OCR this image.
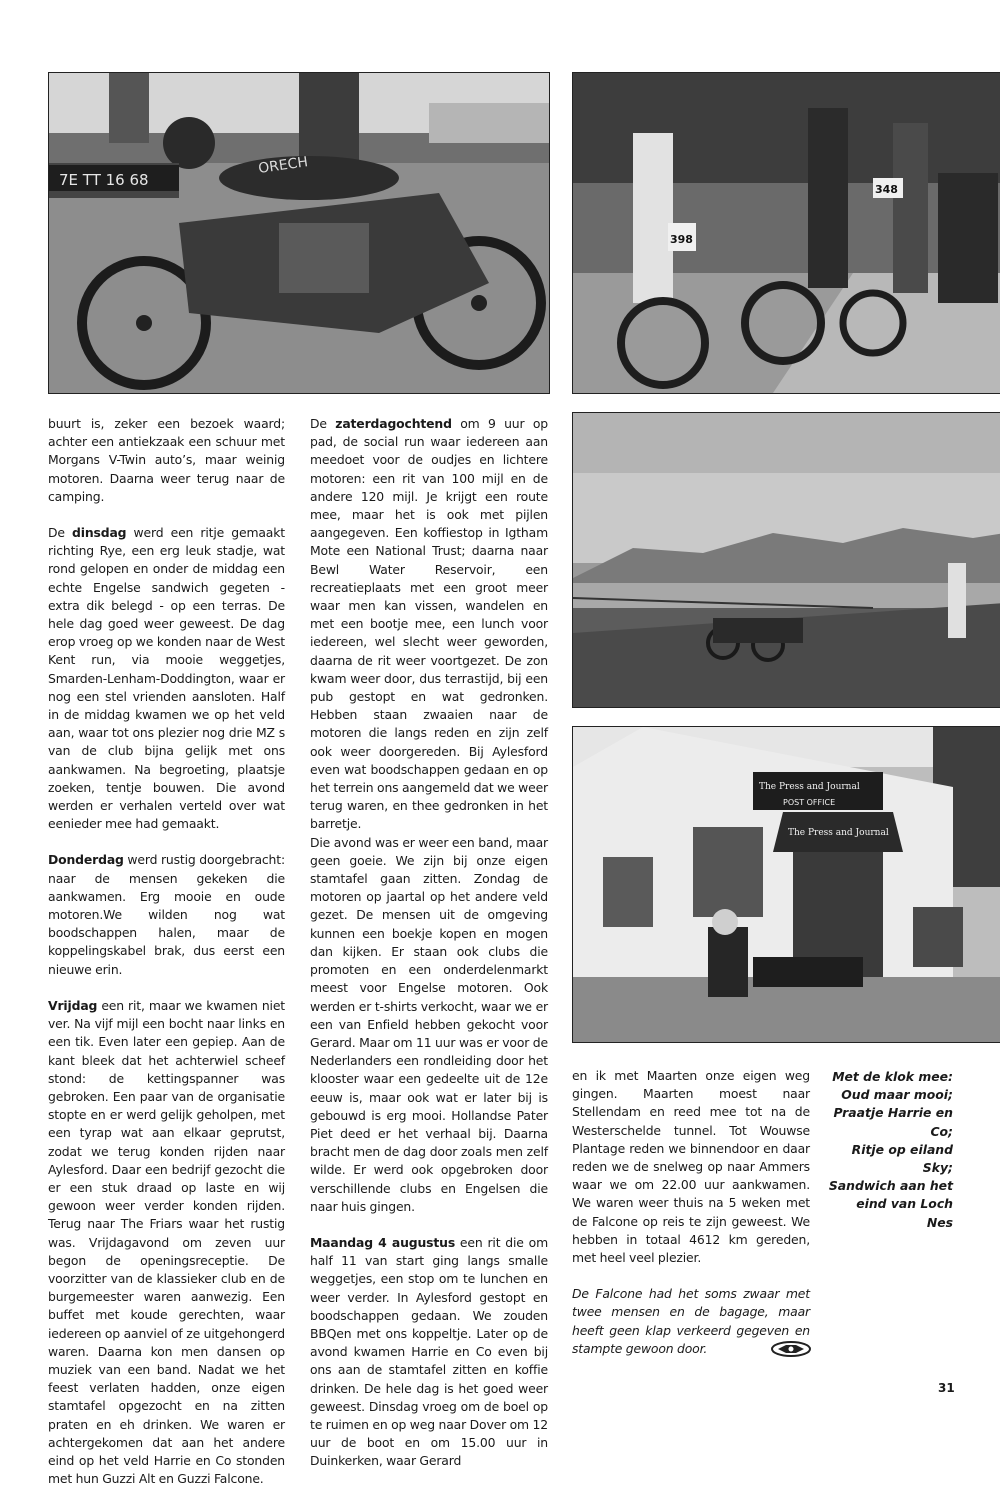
ORECH
7E TT 16 68
398
348
The Press and Journal
POST OFFICE
The Press and Journal

buurt is, zeker een bezoek waard; achter een antiekzaak een schuur met Morgans V-Twin auto’s, maar weinig motoren. Daarna weer terug naar de camping.

De dinsdag werd een ritje gemaakt richting Rye, een erg leuk stadje, wat rond gelopen en onder de middag een echte Engelse sandwich gegeten - extra dik belegd - op een terras. De hele dag goed weer geweest. De dag erop vroeg op we konden naar de West Kent run, via mooie weggetjes, Smarden-Lenham-Doddington, waar er nog een stel vrienden aansloten. Half in de middag kwamen we op het veld aan, waar tot ons plezier nog drie MZ s van de club bijna gelijk met ons aankwamen. Na begroeting, plaatsje zoeken, tentje bouwen. Die avond werden er verhalen verteld over wat eenieder mee had gemaakt.

Donderdag werd rustig doorgebracht: naar de mensen gekeken die aankwamen. Erg mooie en oude motoren.We wilden nog wat boodschappen halen, maar de koppelingskabel brak, dus eerst een nieuwe erin.

Vrijdag een rit, maar we kwamen niet ver. Na vijf mijl een bocht naar links en een tik. Even later een gepiep. Aan de kant bleek dat het achterwiel scheef stond: de kettingspanner was gebroken. Een paar van de organisatie stopte en er werd gelijk geholpen, met een tyrap wat aan elkaar geprutst, zodat we terug konden rijden naar Aylesford. Daar een bedrijf gezocht die er een stuk draad op laste en wij gewoon weer verder konden rijden. Terug naar The Friars waar het rustig was. Vrijdagavond om zeven uur begon de openingsreceptie. De voorzitter van de klassieker club en de burgemeester waren aanwezig. Een buffet met koude gerechten, waar iedereen op aanviel of ze uitgehongerd waren. Daarna kon men dansen op muziek van een band. Nadat we het feest verlaten hadden, onze eigen stamtafel opgezocht en na zitten praten en eh drinken. We waren er achtergekomen dat aan het andere eind op het veld Harrie en Co stonden met hun Guzzi Alt en Guzzi Falcone.

De zaterdagochtend om 9 uur op pad, de social run waar iedereen aan meedoet voor de oudjes en lichtere motoren: een rit van 100 mijl en de andere 120 mijl. Je krijgt een route mee, maar het is ook met pijlen aangegeven. Een koffiestop in Igtham Mote een National Trust; daarna naar Bewl Water Reservoir, een recreatieplaats met een groot meer waar men kan vissen, wandelen en met een bootje mee, een lunch voor iedereen, wel slecht weer geworden, daarna de rit weer voortgezet. De zon kwam weer door, dus terrastijd, bij een pub gestopt en wat gedronken. Hebben staan zwaaien naar de motoren die langs reden en zijn zelf ook weer doorgereden. Bij Aylesford even wat boodschappen gedaan en op het terrein ons aangemeld dat we weer terug waren, en thee gedronken in het barretje.

Die avond was er weer een band, maar geen goeie. We zijn bij onze eigen stamtafel gaan zitten. Zondag de motoren op jaartal op het andere veld gezet. De mensen uit de omgeving kunnen een boekje kopen en mogen dan kijken. Er staan ook clubs die promoten en een onderdelenmarkt meest voor Engelse motoren. Ook werden er t-shirts verkocht, waar we er een van Enfield hebben gekocht voor Gerard. Maar om 11 uur was er voor de Nederlanders een rondleiding door het klooster waar een gedeelte uit de 12e eeuw is, maar ook wat er later bij is gebouwd is erg mooi. Hollandse Pater Piet deed er het verhaal bij. Daarna bracht men de dag door zoals men zelf wilde. Er werd ook opgebroken door verschillende clubs en Engelsen die naar huis gingen.

Maandag 4 augustus een rit die om half 11 van start ging langs smalle weggetjes, een stop om te lunchen en weer verder. In Aylesford gestopt en boodschappen gedaan. We zouden BBQen met ons koppeltje. Later op de avond kwamen Harrie en Co even bij ons aan de stamtafel zitten en koffie drinken. De hele dag is het goed weer geweest. Dinsdag vroeg om de boel op te ruimen en op weg naar Dover om 12 uur de boot en om 15.00 uur in Duinkerken, waar Gerard

en ik met Maarten onze eigen weg gingen. Maarten moest naar Stellendam en reed mee tot na de Westerschelde tunnel. Tot Wouwse Plantage reden we binnendoor en daar reden we de snelweg op naar Ammers waar we om 22.00 uur aankwamen. We waren weer thuis na 5 weken met de Falcone op reis te zijn geweest. We hebben in totaal 4612 km gereden, met heel veel plezier.

De Falcone had het soms zwaar met twee mensen en de bagage, maar heeft geen klap verkeerd gegeven en stampte gewoon door.

Met de klok mee:
Oud maar mooi;
Praatje Harrie en Co;
Ritje op eiland Sky;
Sandwich aan het
eind van Loch Nes
31
